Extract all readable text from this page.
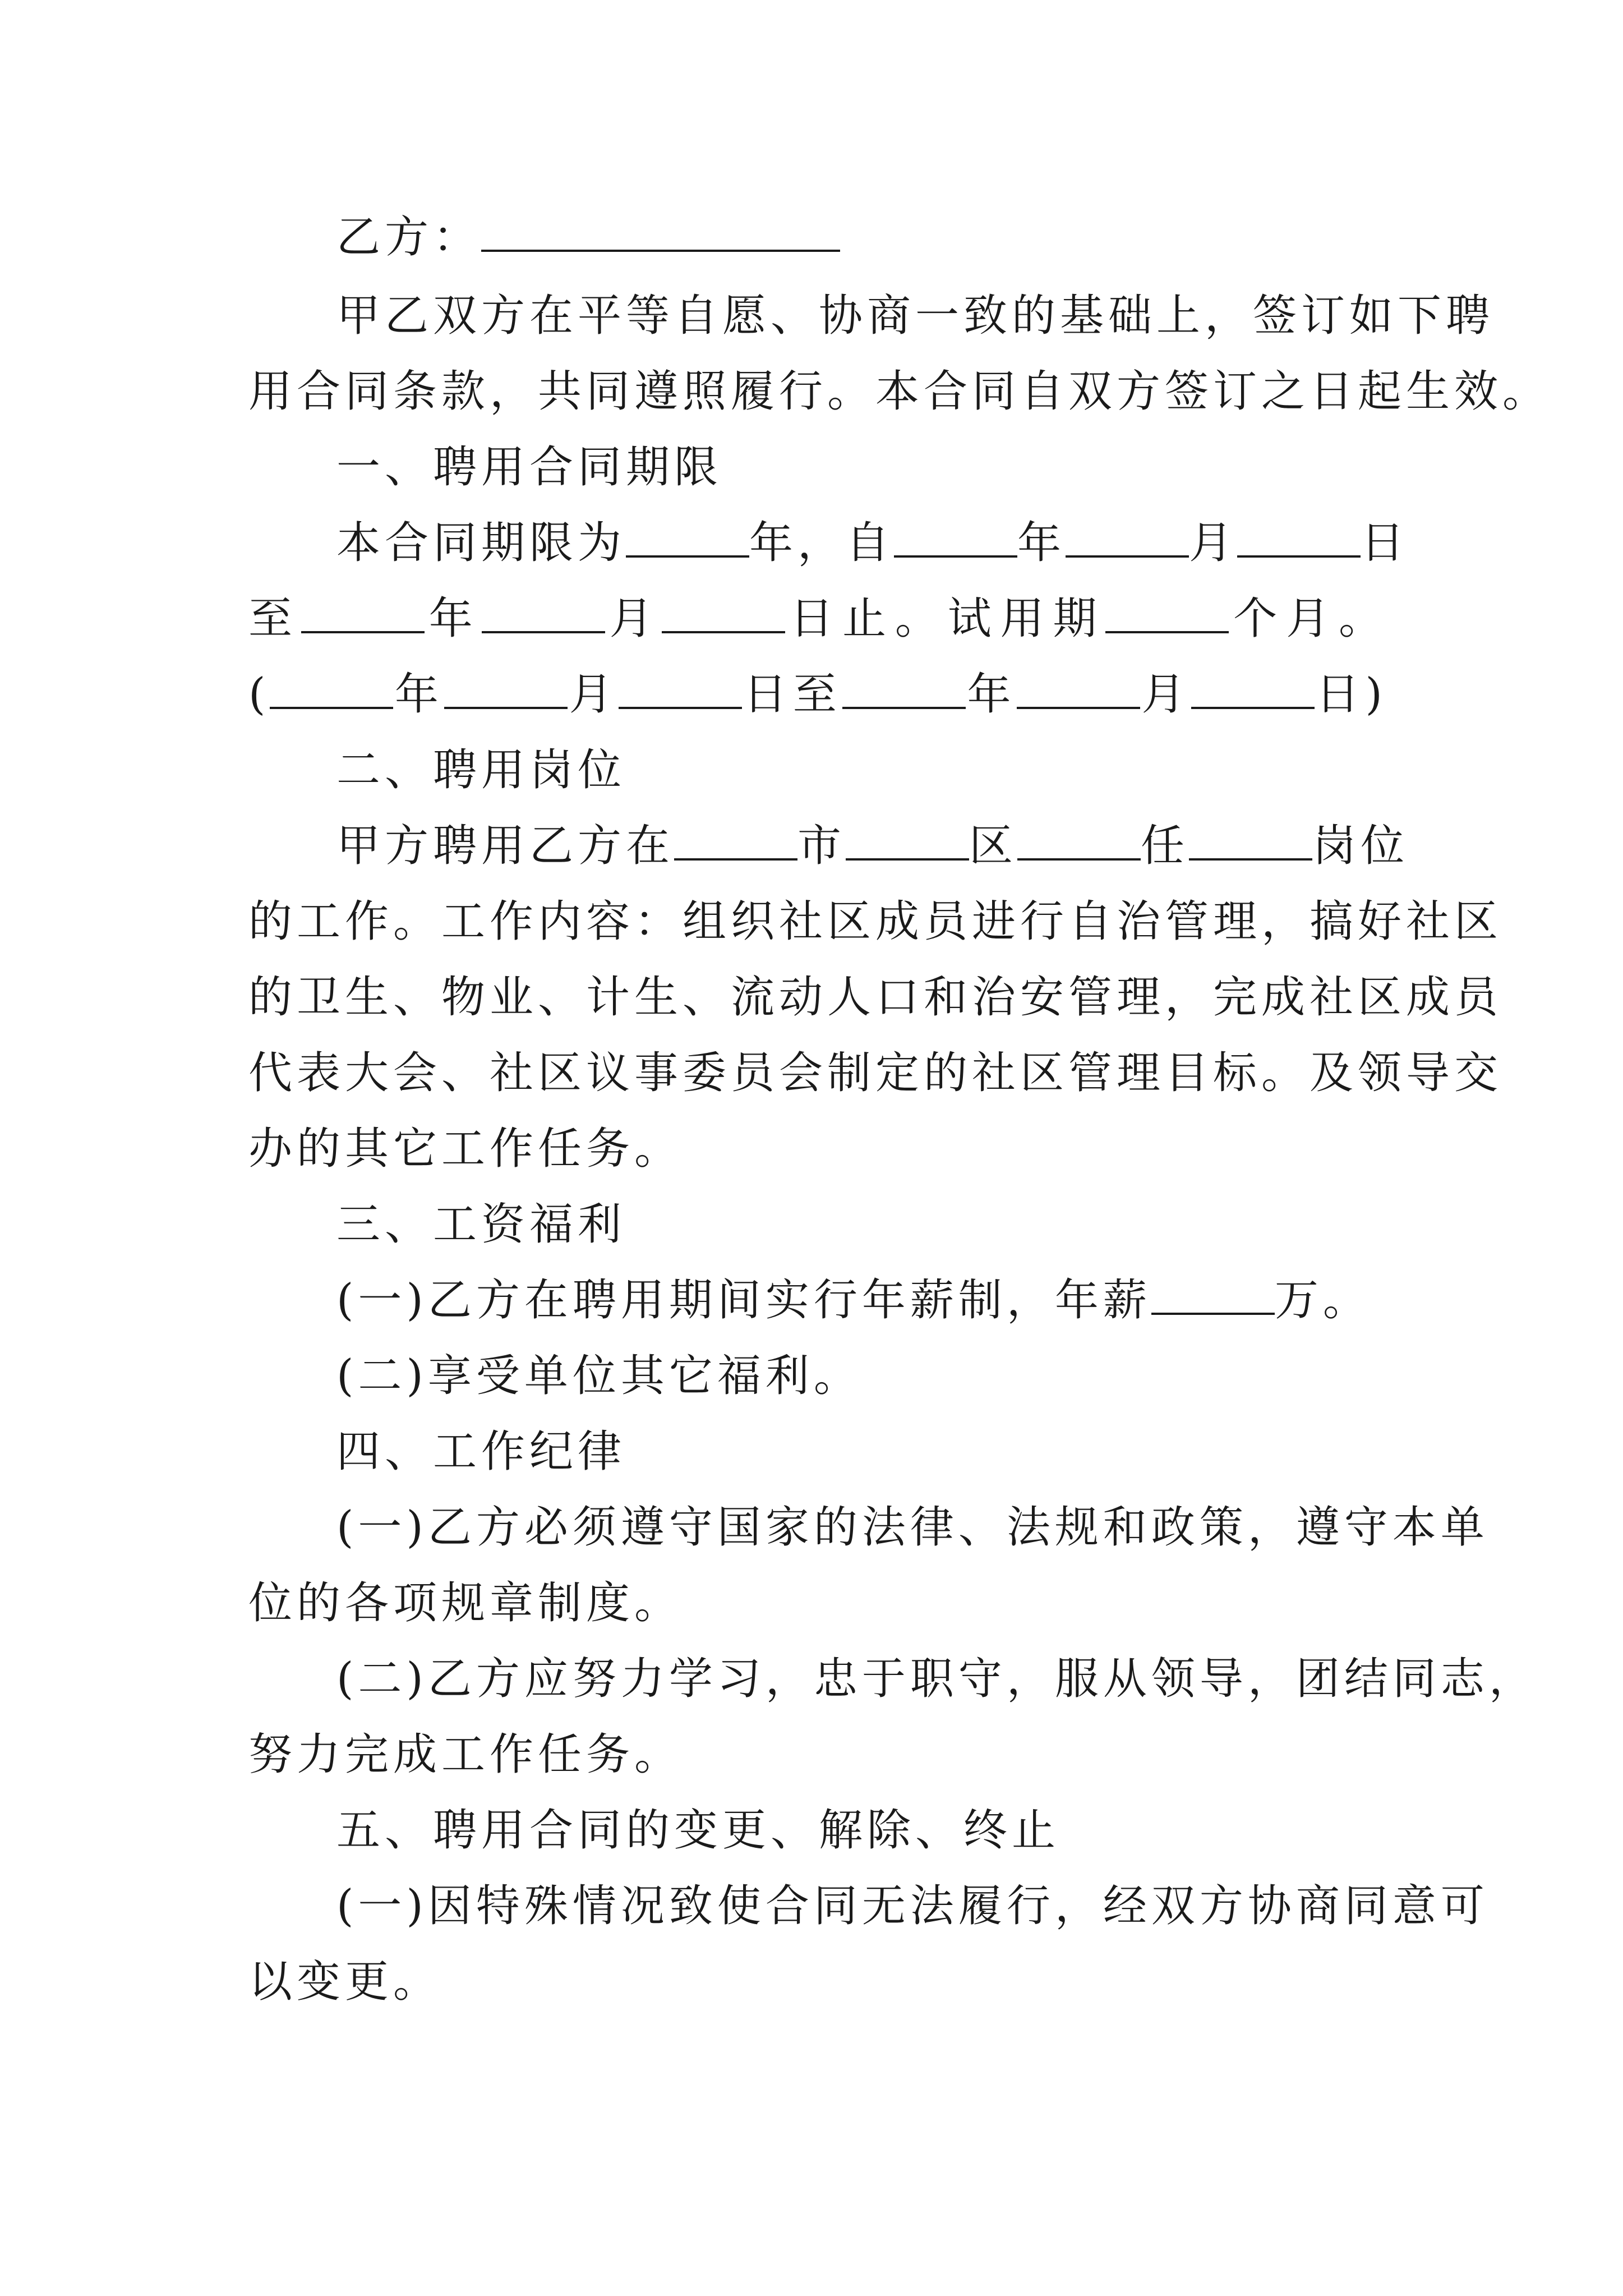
乙方：
甲乙双方在平等自愿、协商一致的基础上，签订如下聘
用合同条款，共同遵照履行。本合同自双方签订之日起生效。
一、聘用合同期限
本合同期限为	年，自	年	月	日
至	年	月	日止。试用期	个月。
(	年	月	日至	年	月	日)
二、聘用岗位
甲方聘用乙方在	市	区	任	岗位
的工作。工作内容：组织社区成员进行自治管理，搞好社区
的卫生、物业、计生、流动人口和治安管理，完成社区成员
代表大会、社区议事委员会制定的社区管理目标。及领导交
办的其它工作任务。
三、工资福利
(一)乙方在聘用期间实行年薪制，年薪	万。
(二)享受单位其它福利。
四、工作纪律
(一)乙方必须遵守国家的法律、法规和政策，遵守本单
位的各项规章制度。
(二)乙方应努力学习，忠于职守，服从领导，团结同志，
努力完成工作任务。
五、聘用合同的变更、解除、终止
(一)因特殊情况致使合同无法履行，经双方协商同意可
以变更。
